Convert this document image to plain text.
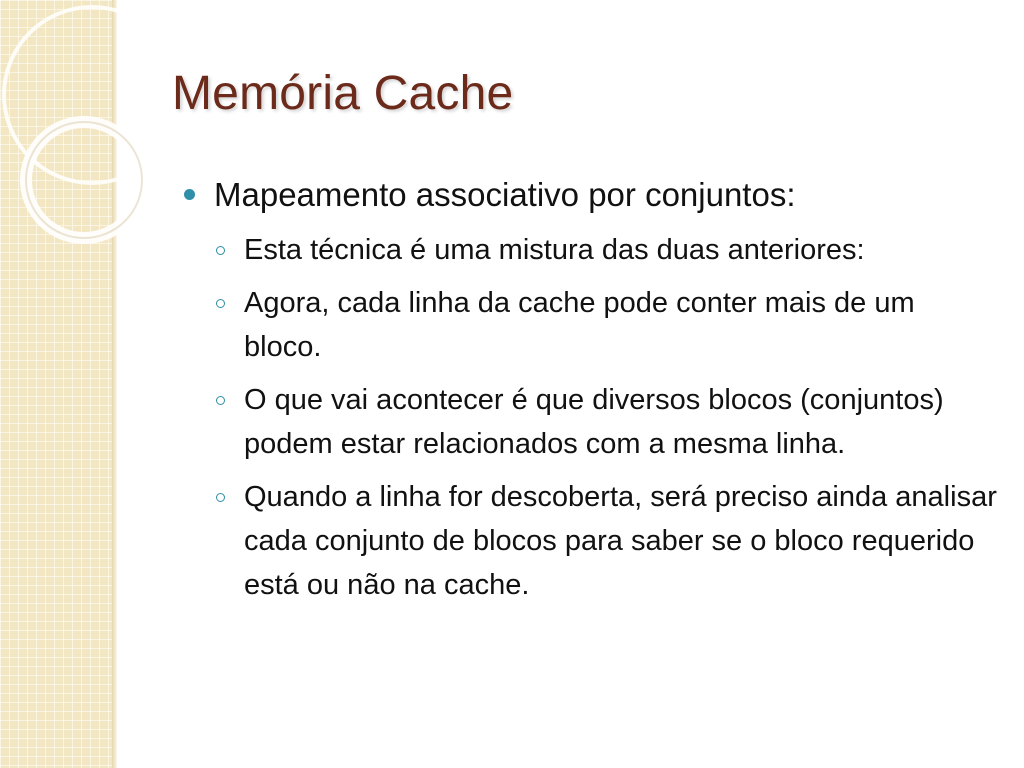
Memória Cache
Mapeamento associativo por conjuntos:
Esta técnica é uma mistura das duas anteriores:
Agora, cada linha da cache pode conter mais de um bloco.
O que vai acontecer é que diversos blocos (conjuntos) podem estar relacionados com a mesma linha.
Quando a linha for descoberta, será preciso ainda analisar cada conjunto de blocos para saber se o bloco requerido está ou não na cache.
